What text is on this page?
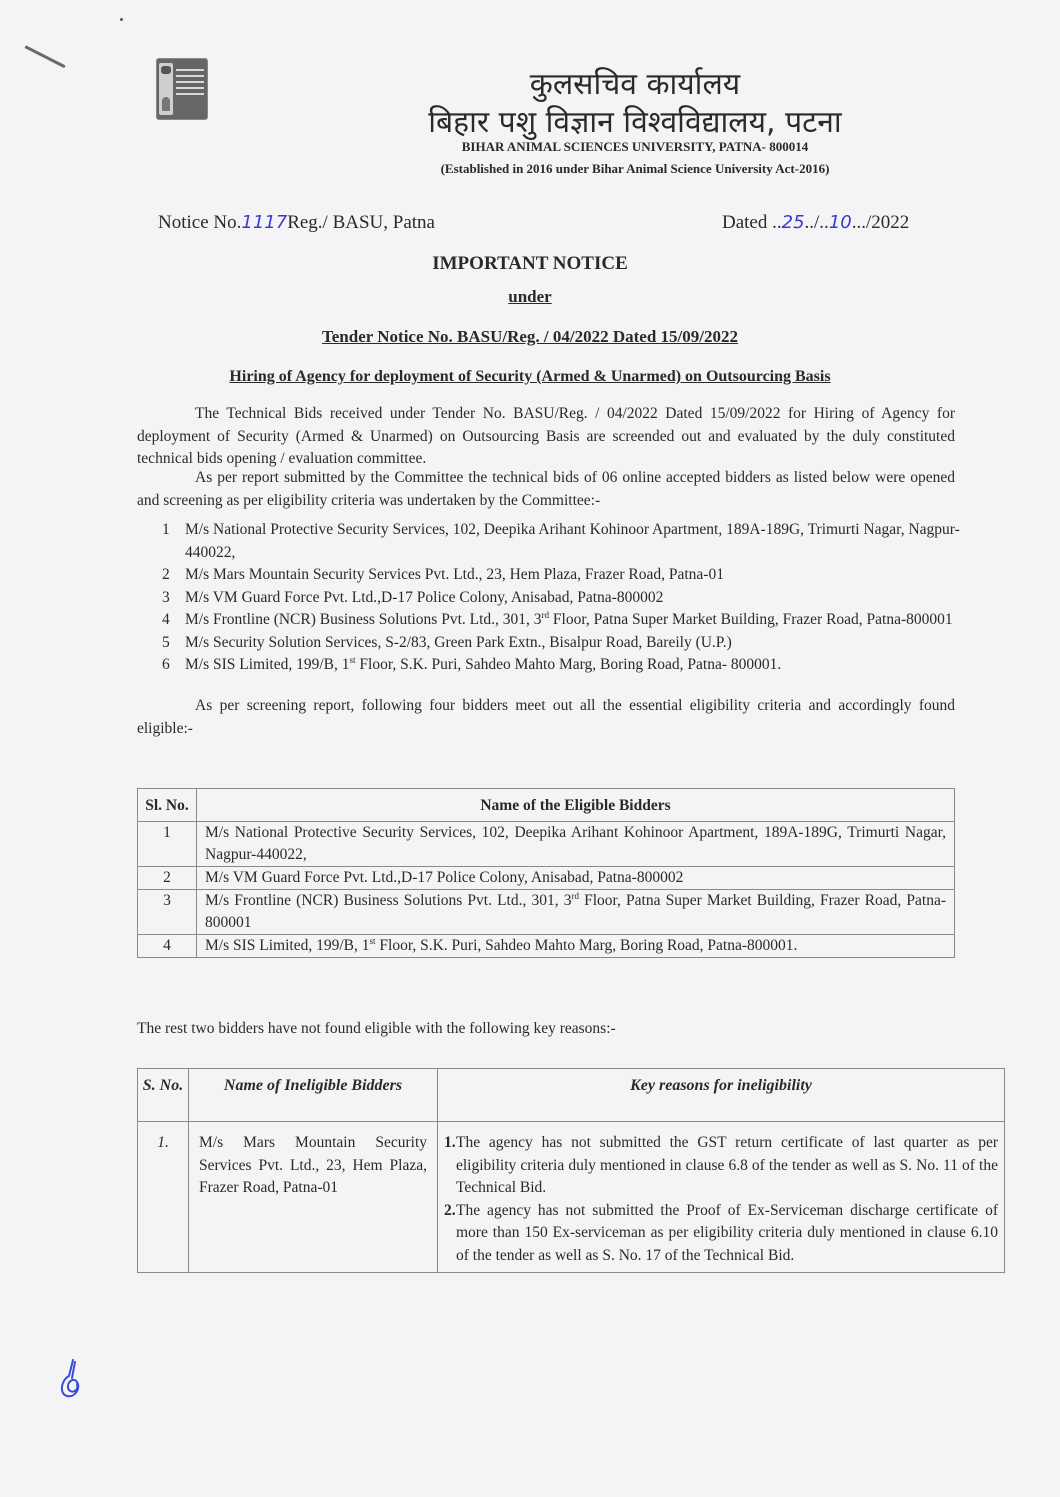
कुलसचिव कार्यालय
बिहार पशु विज्ञान विश्वविद्यालय, पटना
BIHAR ANIMAL SCIENCES UNIVERSITY, PATNA- 800014
(Established in 2016 under Bihar Animal Science University Act-2016)
Notice No.1117Reg./ BASU, Patna	Dated ..25../..10.../2022
IMPORTANT NOTICE
under
Tender Notice No. BASU/Reg. / 04/2022 Dated 15/09/2022
Hiring of Agency for deployment of Security (Armed & Unarmed) on Outsourcing Basis
The Technical Bids received under Tender No. BASU/Reg. / 04/2022 Dated 15/09/2022 for Hiring of Agency for deployment of Security (Armed & Unarmed) on Outsourcing Basis are screended out and evaluated by the duly constituted technical bids opening / evaluation committee.
As per report submitted by the Committee the technical bids of 06 online accepted bidders as listed below were opened and screening as per eligibility criteria was undertaken by the Committee:-
1 M/s National Protective Security Services, 102, Deepika Arihant Kohinoor Apartment, 189A-189G, Trimurti Nagar, Nagpur-440022,
2 M/s Mars Mountain Security Services Pvt. Ltd., 23, Hem Plaza, Frazer Road, Patna-01
3 M/s VM Guard Force Pvt. Ltd.,D-17 Police Colony, Anisabad, Patna-800002
4 M/s Frontline (NCR) Business Solutions Pvt. Ltd., 301, 3rd Floor, Patna Super Market Building, Frazer Road, Patna-800001
5 M/s Security Solution Services, S-2/83, Green Park Extn., Bisalpur Road, Bareily (U.P.)
6 M/s SIS Limited, 199/B, 1st Floor, S.K. Puri, Sahdeo Mahto Marg, Boring Road, Patna- 800001.
As per screening report, following four bidders meet out all the essential eligibility criteria and accordingly found eligible:-
Sl. No.	Name of the Eligible Bidders
1	M/s National Protective Security Services, 102, Deepika Arihant Kohinoor Apartment, 189A-189G, Trimurti Nagar, Nagpur-440022,
2	M/s VM Guard Force Pvt. Ltd.,D-17 Police Colony, Anisabad, Patna-800002
3	M/s Frontline (NCR) Business Solutions Pvt. Ltd., 301, 3rd Floor, Patna Super Market Building, Frazer Road, Patna-800001
4	M/s SIS Limited, 199/B, 1st Floor, S.K. Puri, Sahdeo Mahto Marg, Boring Road, Patna-800001.
The rest two bidders have not found eligible with the following key reasons:-
S. No.	Name of Ineligible Bidders	Key reasons for ineligibility
1.	M/s Mars Mountain Security Services Pvt. Ltd., 23, Hem Plaza, Frazer Road, Patna-01	1. The agency has not submitted the GST return certificate of last quarter as per eligibility criteria duly mentioned in clause 6.8 of the tender as well as S. No. 11 of the Technical Bid.
2. The agency has not submitted the Proof of Ex-Serviceman discharge certificate of more than 150 Ex-serviceman as per eligibility criteria duly mentioned in clause 6.10 of the tender as well as S. No. 17 of the Technical Bid.
